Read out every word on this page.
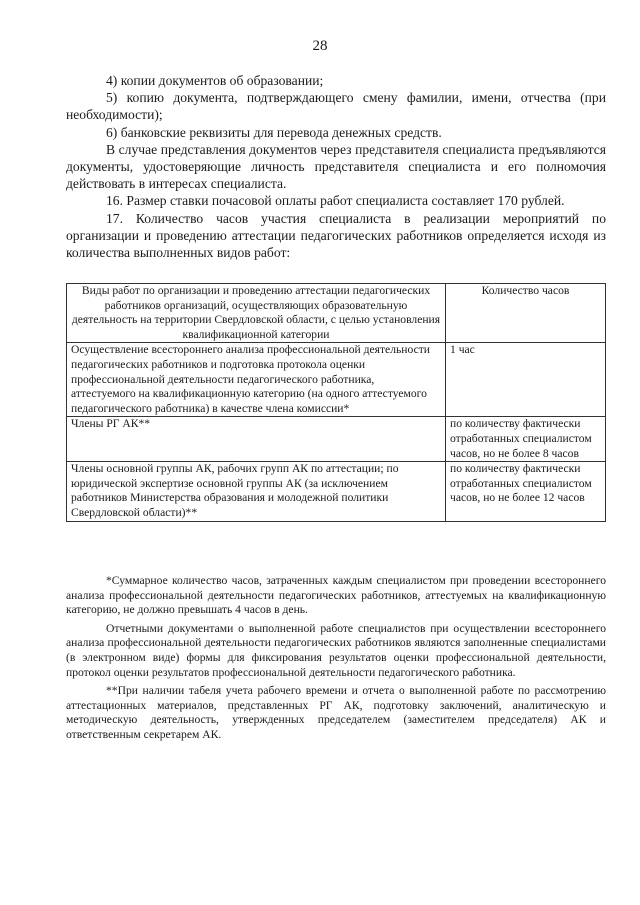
28

4) копии документов об образовании;

5) копию документа, подтверждающего смену фамилии, имени, отчества (при необходимости);

6) банковские реквизиты для перевода денежных средств.

В случае представления документов через представителя специалиста предъявляются документы, удостоверяющие личность представителя специалиста и его полномочия действовать в интересах специалиста.

16. Размер ставки почасовой оплаты работ специалиста составляет 170 рублей.

17. Количество часов участия специалиста в реализации мероприятий по организации и проведению аттестации педагогических работников определяется исходя из количества выполненных видов работ:

Виды работ по организации и проведению аттестации педагогических работников организаций, осуществляющих образовательную деятельность на территории Свердловской области, с целью установления квалификационной категории	Количество часов
Осуществление всестороннего анализа профессиональной деятельности педагогических работников и подготовка протокола оценки профессиональной деятельности педагогического работника, аттестуемого на квалификационную категорию (на одного аттестуемого педагогического работника) в качестве члена комиссии*	1 час
Члены РГ АК**	по количеству фактически отработанных специалистом часов, но не более 8 часов
Члены основной группы АК, рабочих групп АК по аттестации; по юридической экспертизе основной группы АК (за исключением работников Министерства образования и молодежной политики Свердловской области)**	по количеству фактически отработанных специалистом часов, но не более 12 часов

*Суммарное количество часов, затраченных каждым специалистом при проведении всестороннего анализа профессиональной деятельности педагогических работников, аттестуемых на квалификационную категорию, не должно превышать 4 часов в день.

Отчетными документами о выполненной работе специалистов при осуществлении всестороннего анализа профессиональной деятельности педагогических работников являются заполненные специалистами (в электронном виде) формы для фиксирования результатов оценки профессиональной деятельности, протокол оценки результатов профессиональной деятельности педагогического работника.

**При наличии табеля учета рабочего времени и отчета о выполненной работе по рассмотрению аттестационных материалов, представленных РГ АК, подготовку заключений, аналитическую и методическую деятельность, утвержденных председателем (заместителем председателя) АК и ответственным секретарем АК.
